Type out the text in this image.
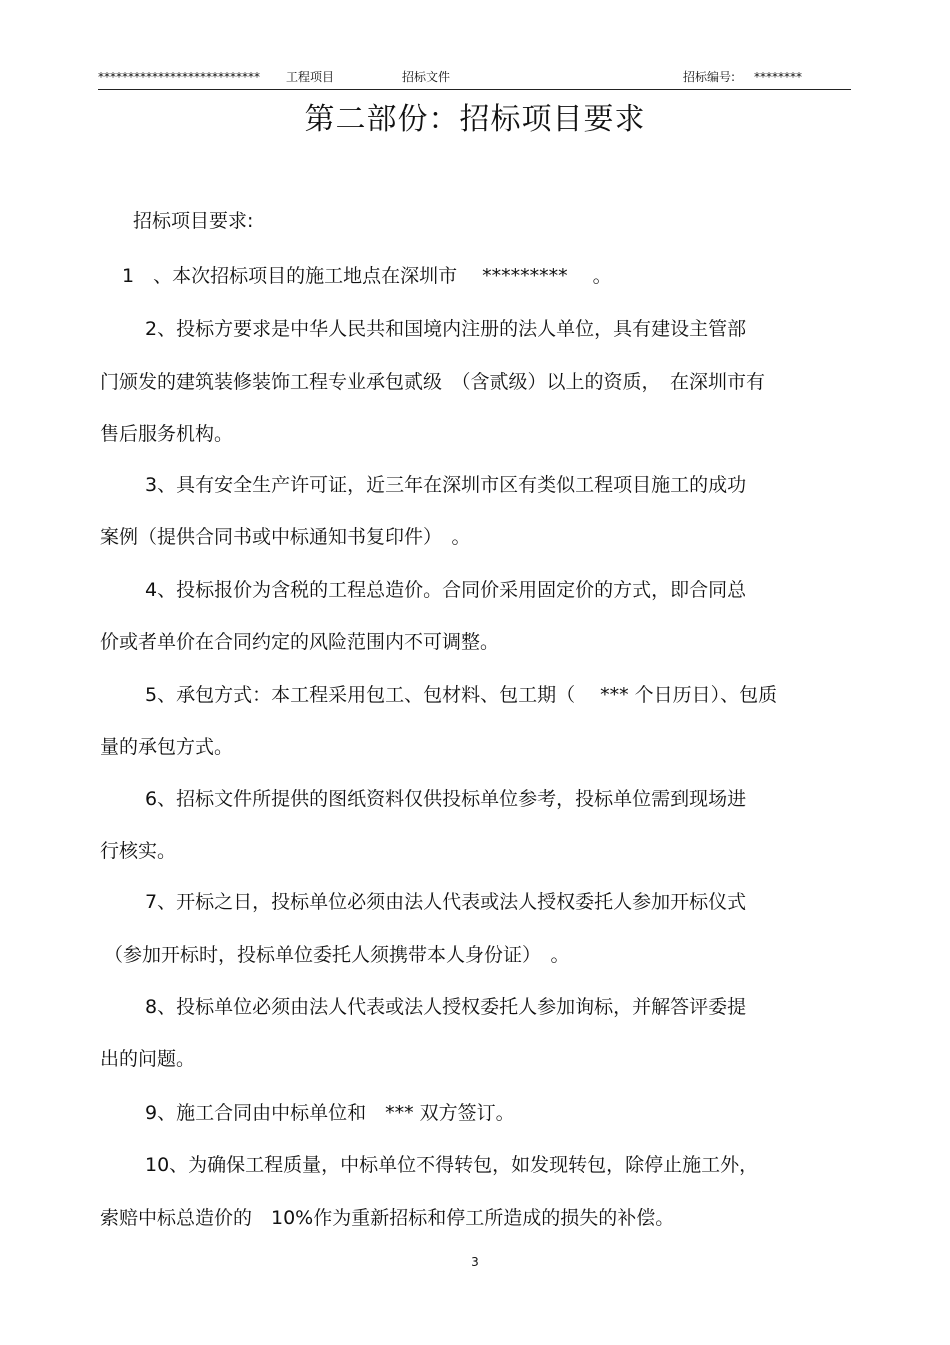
*************************** 工程项目	招标文件	招标编号: ********
第二部份：招标项目要求
招标项目要求:
1　、本次招标项目的施工地点在深圳市　 *********　 。
2、投标方要求是中华人民共和国境内注册的法人单位，具有建设主管部
门颁发的建筑装修装饰工程专业承包贰级　（含贰级）以上的资质，　在深圳市有
售后服务机构。
3、具有安全生产许可证，近三年在深圳市区有类似工程项目施工的成功
案例（提供合同书或中标通知书复印件）　。
4、投标报价为含税的工程总造价。合同价采用固定价的方式，即合同总
价或者单价在合同约定的风险范围内不可调整。
5、承包方式：本工程采用包工、包材料、包工期（　 *** 个日历日）、包质
量的承包方式。
6、招标文件所提供的图纸资料仅供投标单位参考，投标单位需到现场进
行核实。
7、开标之日，投标单位必须由法人代表或法人授权委托人参加开标仪式
（参加开标时，投标单位委托人须携带本人身份证）　。
8、投标单位必须由法人代表或法人授权委托人参加询标，并解答评委提
出的问题。
9、施工合同由中标单位和　*** 双方签订。
10、为确保工程质量，中标单位不得转包，如发现转包，除停止施工外，
索赔中标总造价的　10%作为重新招标和停工所造成的损失的补偿。
3
